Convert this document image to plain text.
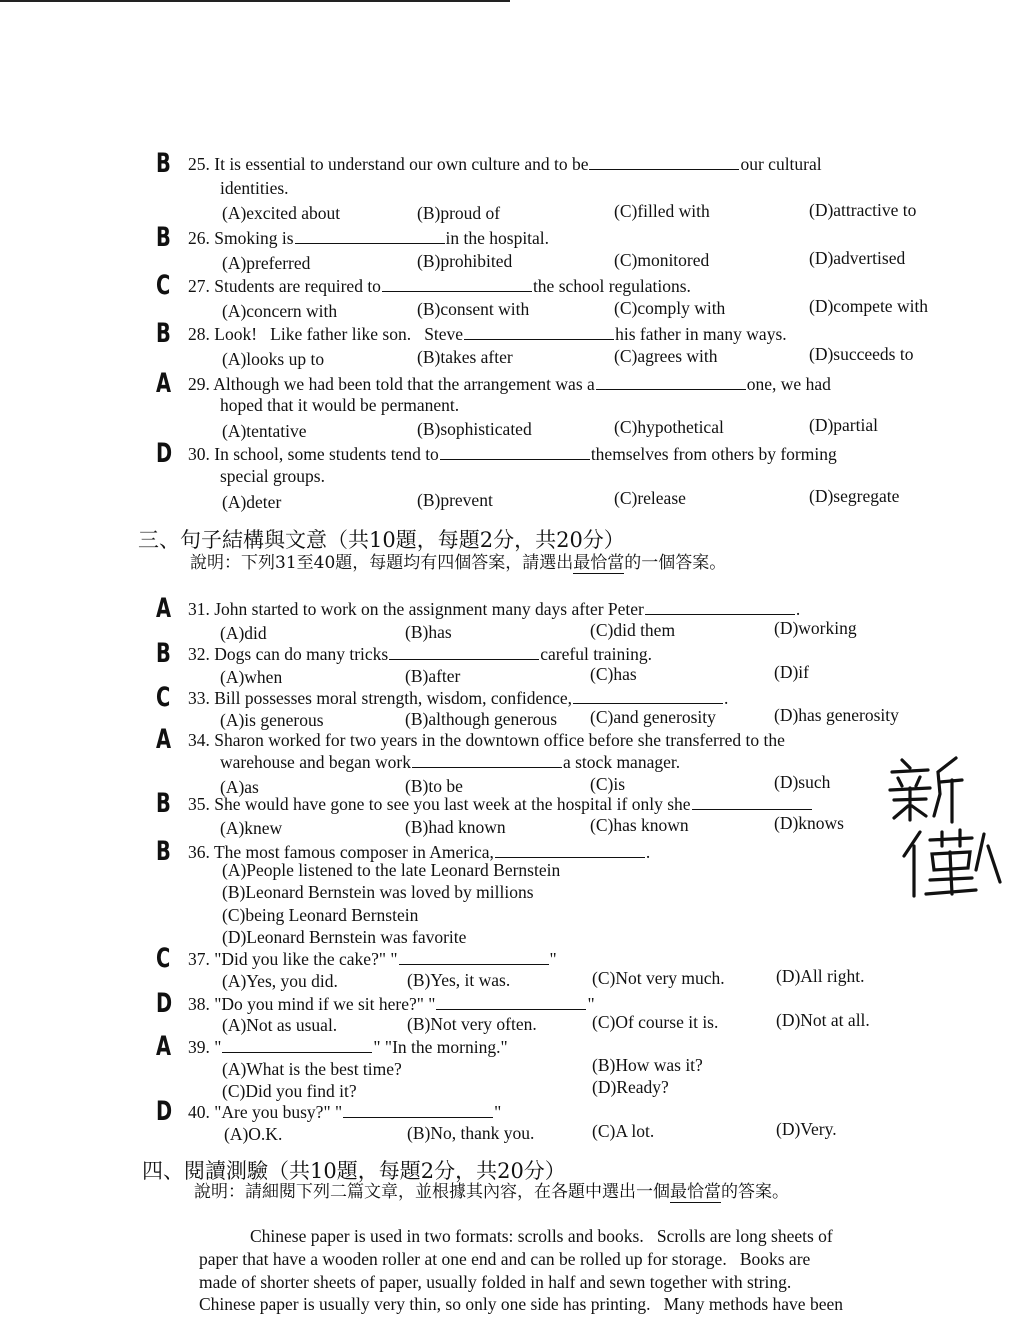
B 25. It is essential to understand our own culture and to be	our cultural
identities.
(A)excited about	(B)proud of	(C)filled with	(D)attractive to
B 26. Smoking is	in the hospital.
(A)preferred	(B)prohibited	(C)monitored	(D)advertised
C 27. Students are required to	the school regulations.
(A)concern with	(B)consent with	(C)comply with	(D)compete with
B 28. Look!   Like father like son.   Steve	his father in many ways.
(A)looks up to	(B)takes after	(C)agrees with	(D)succeeds to
A 29. Although we had been told that the arrangement was a	one, we had
hoped that it would be permanent.
(A)tentative	(B)sophisticated	(C)hypothetical	(D)partial
D 30. In school, some students tend to	themselves from others by forming
special groups.
(A)deter	(B)prevent	(C)release	(D)segregate
三、句子結構與文意（共10題，每題2分，共20分）
說明：下列31至40題，每題均有四個答案，請選出最恰當的一個答案。
A 31. John started to work on the assignment many days after Peter	.
(A)did	(B)has	(C)did them	(D)working
B 32. Dogs can do many tricks	careful training.
(A)when	(B)after	(C)has	(D)if
C 33. Bill possesses moral strength, wisdom, confidence,	.
(A)is generous	(B)although generous (C)and generosity	(D)has generosity
A 34. Sharon worked for two years in the downtown office before she transferred to the
warehouse and began work	a stock manager.
(A)as	(B)to be	(C)is	(D)such
B 35. She would have gone to see you last week at the hospital if only she
(A)knew	(B)had known	(C)has known	(D)knows
B 36. The most famous composer in America,	.
(A)People listened to the late Leonard Bernstein
(B)Leonard Bernstein was loved by millions
(C)being Leonard Bernstein
(D)Leonard Bernstein was favorite
C 37. "Did you like the cake?" "	"
(A)Yes, you did.	(B)Yes, it was.	(C)Not very much.	(D)All right.
D 38. "Do you mind if we sit here?" "	"
(A)Not as usual.	(B)Not very often.	(C)Of course it is.	(D)Not at all.
A 39. "	" "In the morning."
(A)What is the best time?	(B)How was it?
(C)Did you find it?	(D)Ready?
D 40. "Are you busy?" "	"
(A)O.K.	(B)No, thank you.	(C)A lot.	(D)Very.
四、閱讀測驗（共10題，每題2分，共20分）
說明：請細閱下列二篇文章，並根據其內容，在各題中選出一個最恰當的答案。
Chinese paper is used in two formats: scrolls and books.   Scrolls are long sheets of
paper that have a wooden roller at one end and can be rolled up for storage.   Books are
made of shorter sheets of paper, usually folded in half and sewn together with string.
Chinese paper is usually very thin, so only one side has printing.   Many methods have been
